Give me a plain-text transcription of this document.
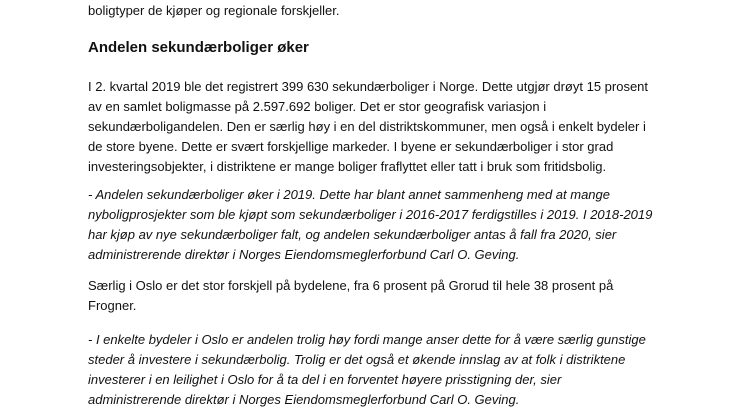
boligtyper de kjøper og regionale forskjeller.

Andelen sekundærboliger øker

I 2. kvartal 2019 ble det registrert 399 630 sekundærboliger i Norge. Dette utgjør drøyt 15 prosent

av en samlet boligmasse på 2.597.692 boliger. Det er stor geografisk variasjon i

sekundærboligandelen. Den er særlig høy i en del distriktskommuner, men også i enkelt bydeler i

de store byene. Dette er svært forskjellige markeder. I byene er sekundærboliger i stor grad

investeringsobjekter, i distriktene er mange boliger fraflyttet eller tatt i bruk som fritidsbolig.

- Andelen sekundærboliger øker i 2019. Dette har blant annet sammenheng med at mange

nyboligprosjekter som ble kjøpt som sekundærboliger i 2016-2017 ferdigstilles i 2019. I 2018-2019

har kjøp av nye sekundærboliger falt, og andelen sekundærboliger antas å fall fra 2020, sier

administrerende direktør i Norges Eiendomsmeglerforbund Carl O. Geving.

Særlig i Oslo er det stor forskjell på bydelene, fra 6 prosent på Grorud til hele 38 prosent på

Frogner.

- I enkelte bydeler i Oslo er andelen trolig høy fordi mange anser dette for å være særlig gunstige

steder å investere i sekundærbolig. Trolig er det også et økende innslag av at folk i distriktene

investerer i en leilighet i Oslo for å ta del i en forventet høyere prisstigning der, sier

administrerende direktør i Norges Eiendomsmeglerforbund Carl O. Geving.
